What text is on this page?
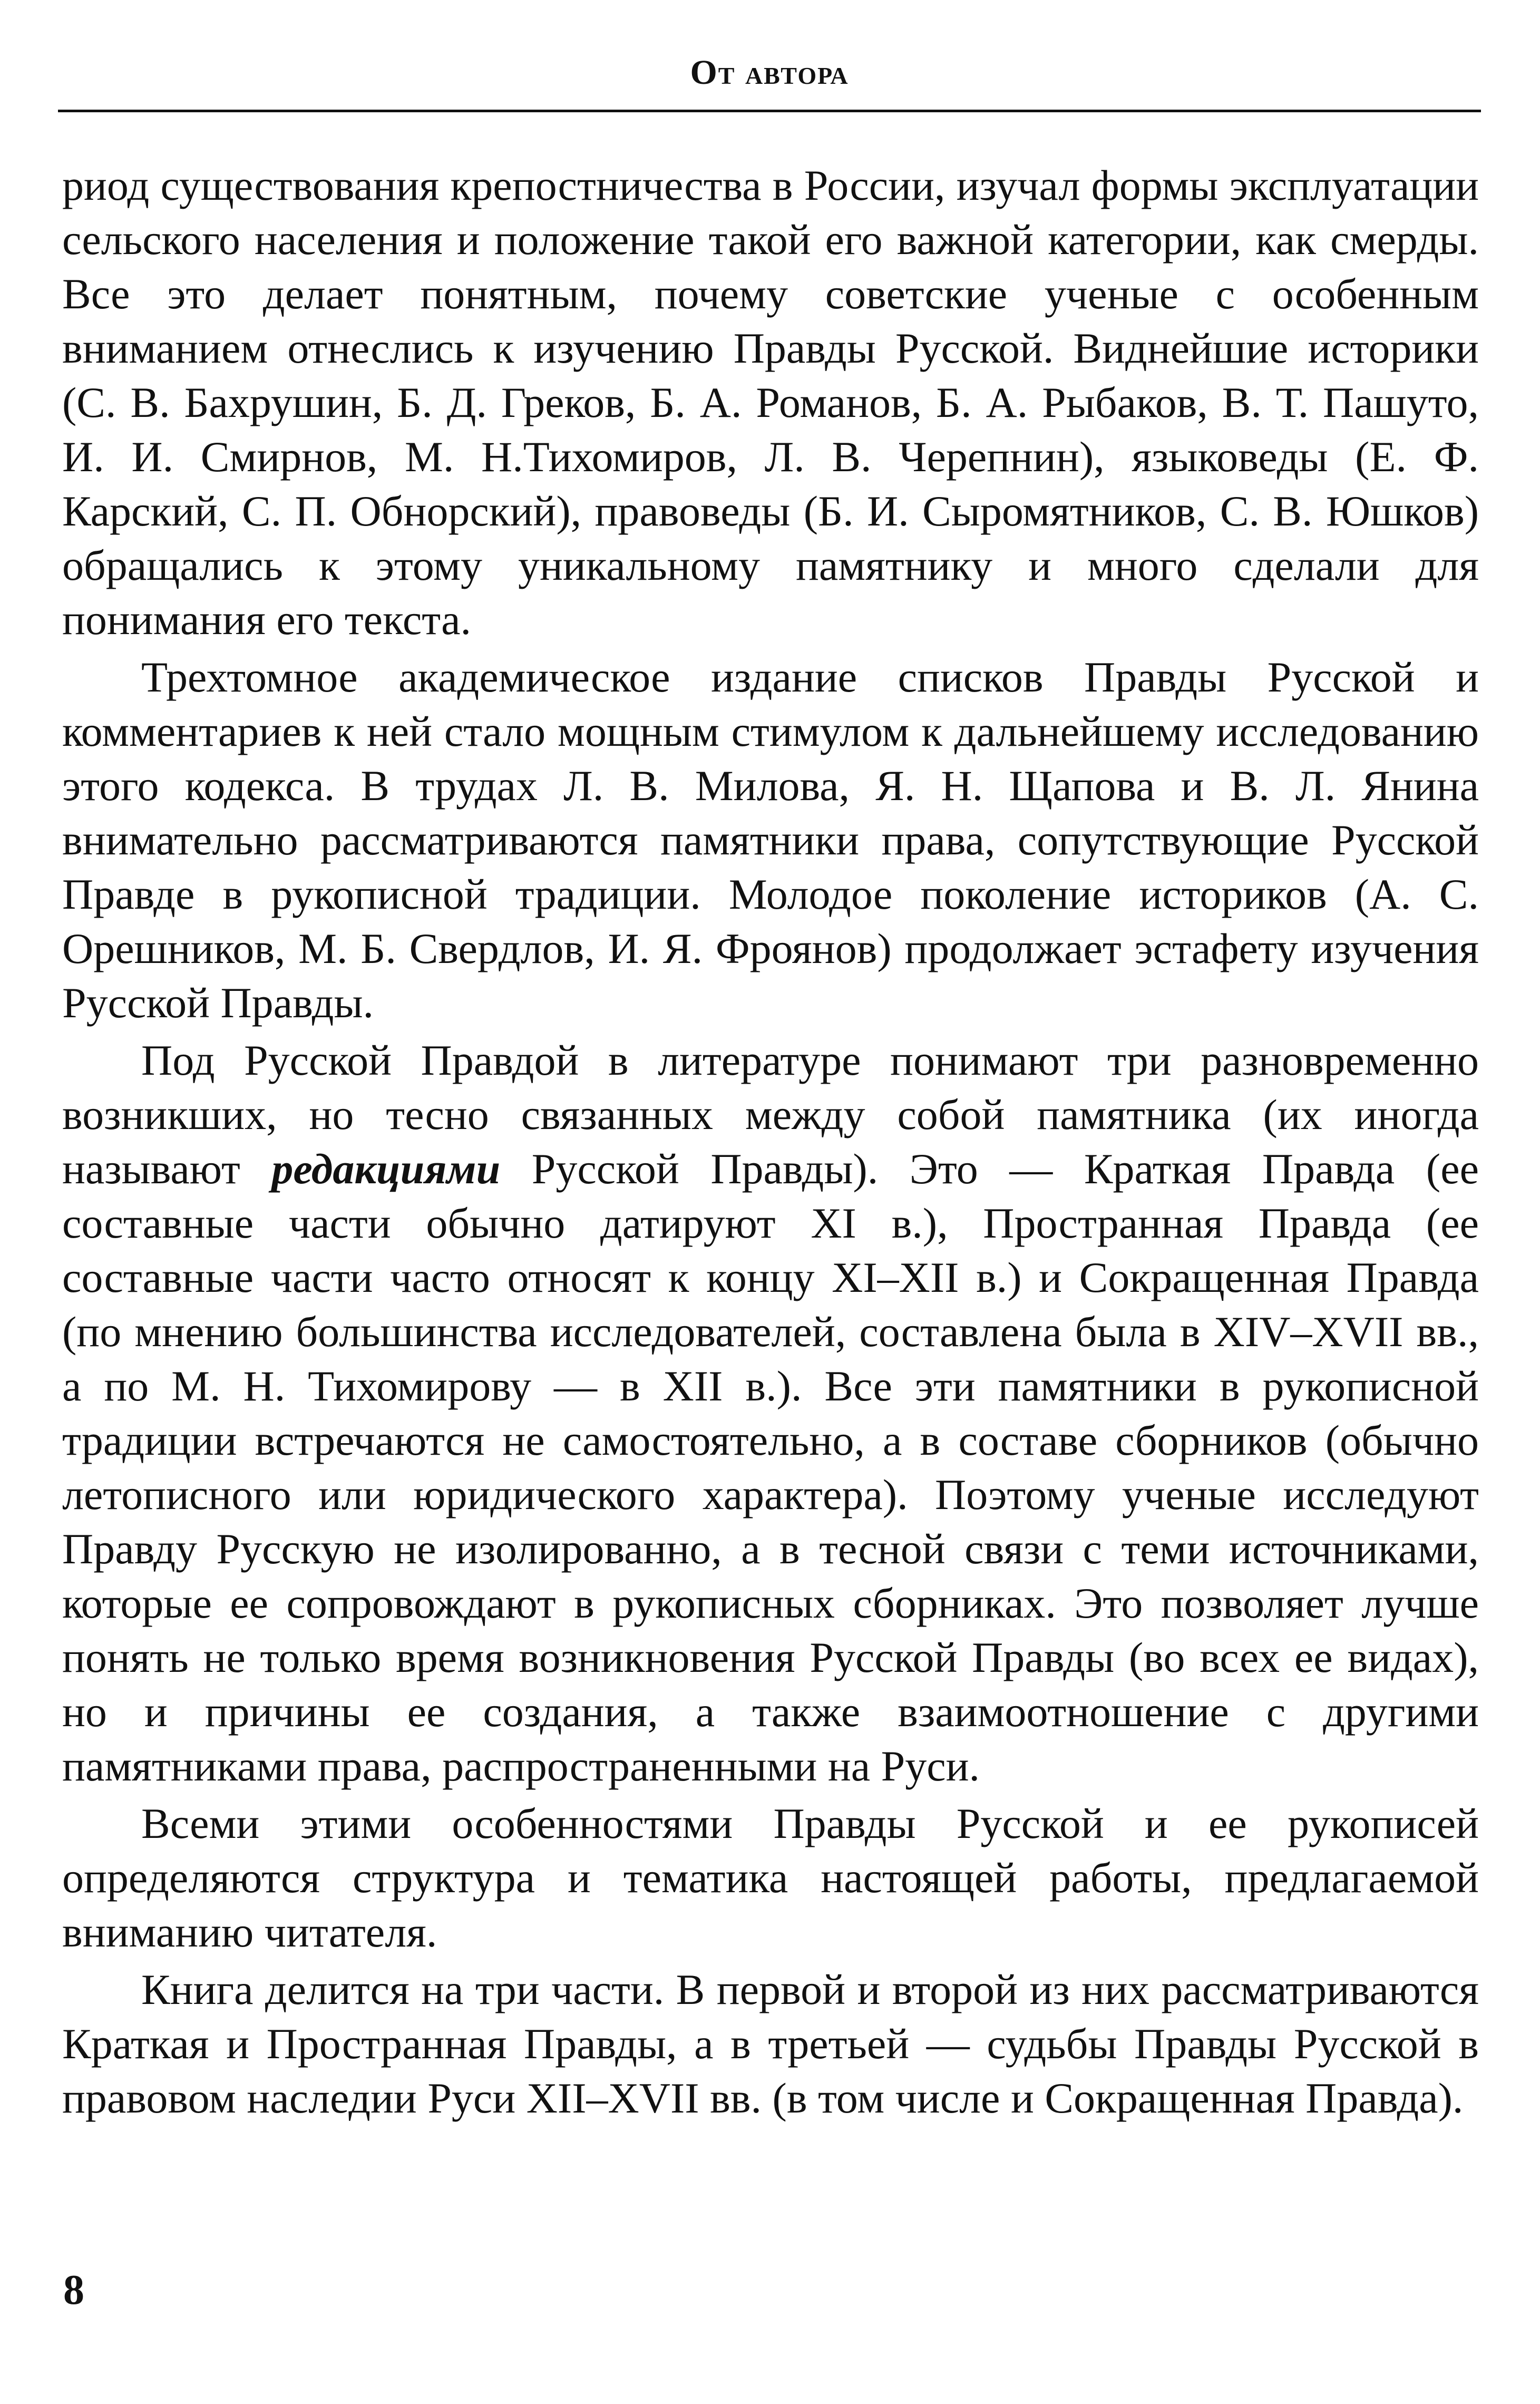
От автора

риод существования крепостничества в России, изучал формы эксплуатации сельского населения и положение такой его важной категории, как смерды. Все это делает понятным, почему советские ученые с особенным вниманием отнеслись к изучению Правды Русской. Виднейшие историки (С. В. Бахрушин, Б. Д. Греков, Б. А. Романов, Б. А. Рыбаков, В. Т. Пашуто, И. И. Смирнов, М. Н.Тихомиров, Л. В. Черепнин), языковеды (Е. Ф. Карский, С. П. Обнорский), правоведы (Б. И. Сыромятников, С. В. Юшков) обращались к этому уникальному памятнику и много сделали для понимания его текста.

Трехтомное академическое издание списков Правды Русской и комментариев к ней стало мощным стимулом к дальнейшему исследованию этого кодекса. В трудах Л. В. Милова, Я. Н. Щапова и В. Л. Янина внимательно рассматриваются памятники права, сопутствующие Русской Правде в рукописной традиции. Молодое поколение историков (А. С. Орешников, М. Б. Свердлов, И. Я. Фроянов) продолжает эстафету изучения Русской Правды.

Под Русской Правдой в литературе понимают три разновременно возникших, но тесно связанных между собой памятника (их иногда называют редакциями Русской Правды). Это — Краткая Правда (ее составные части обычно датируют XI в.), Пространная Правда (ее составные части часто относят к концу XI–XII в.) и Сокращенная Правда (по мнению большинства исследователей, составлена была в XIV–XVII вв., а по М. Н. Тихомирову — в XII в.). Все эти памятники в рукописной традиции встречаются не самостоятельно, а в составе сборников (обычно летописного или юридического характера). Поэтому ученые исследуют Правду Русскую не изолированно, а в тесной связи с теми источниками, которые ее сопровождают в рукописных сборниках. Это позволяет лучше понять не только время возникновения Русской Правды (во всех ее видах), но и причины ее создания, а также взаимоотношение с другими памятниками права, распространенными на Руси.

Всеми этими особенностями Правды Русской и ее рукописей определяются структура и тематика настоящей работы, предлагаемой вниманию читателя.

Книга делится на три части. В первой и второй из них рассматриваются Краткая и Пространная Правды, а в третьей — судьбы Правды Русской в правовом наследии Руси XII–XVII вв. (в том числе и Сокращенная Правда).

8
